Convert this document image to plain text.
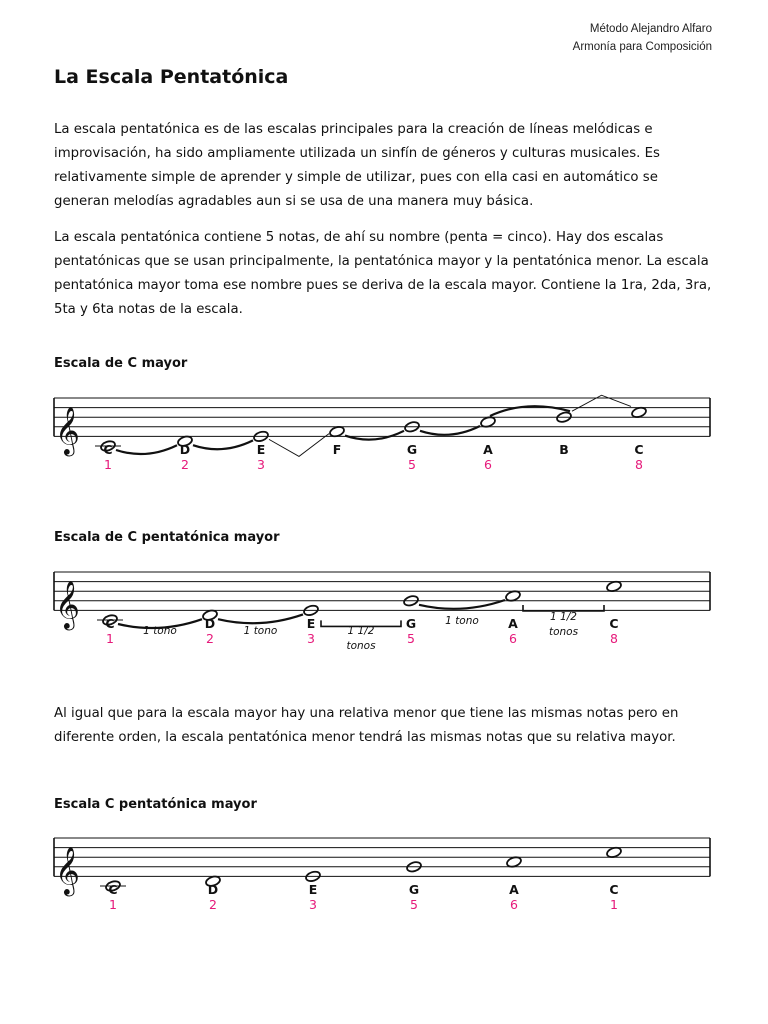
Método Alejandro Alfaro
Armonía para Composición
La Escala Pentatónica

La escala pentatónica es de las escalas principales para la creación de líneas melódicas e improvisación, ha sido ampliamente utilizada un sinfín de géneros y culturas musicales. Es relativamente simple de aprender y simple de utilizar, pues con ella casi en automático se generan melodías agradables aun si se usa de una manera muy básica.

La escala pentatónica contiene 5 notas, de ahí su nombre (penta = cinco). Hay dos escalas pentatónicas que se usan principalmente, la pentatónica mayor y la pentatónica menor. La escala pentatónica mayor toma ese nombre pues se deriva de la escala mayor. Contiene la 1ra, 2da, 3ra, 5ta y 6ta notas de la escala.

Escala de C mayor
𝄞 C
1
D
2
E
3
F	G
5
A
6
B	C
8
Escala de C pentatónica mayor
𝄞 C
1
D
2
E
3
G
5
A
6
C
8
1 tono	1 tono	1 1/2
tonos
1 tono	1 1/2
tonos

Al igual que para la escala mayor hay una relativa menor que tiene las mismas notas pero en diferente orden, la escala pentatónica menor tendrá las mismas notas que su relativa mayor.

Escala C pentatónica mayor
𝄞 C
1
D
2
E
3
G
5
A
6
C
1
